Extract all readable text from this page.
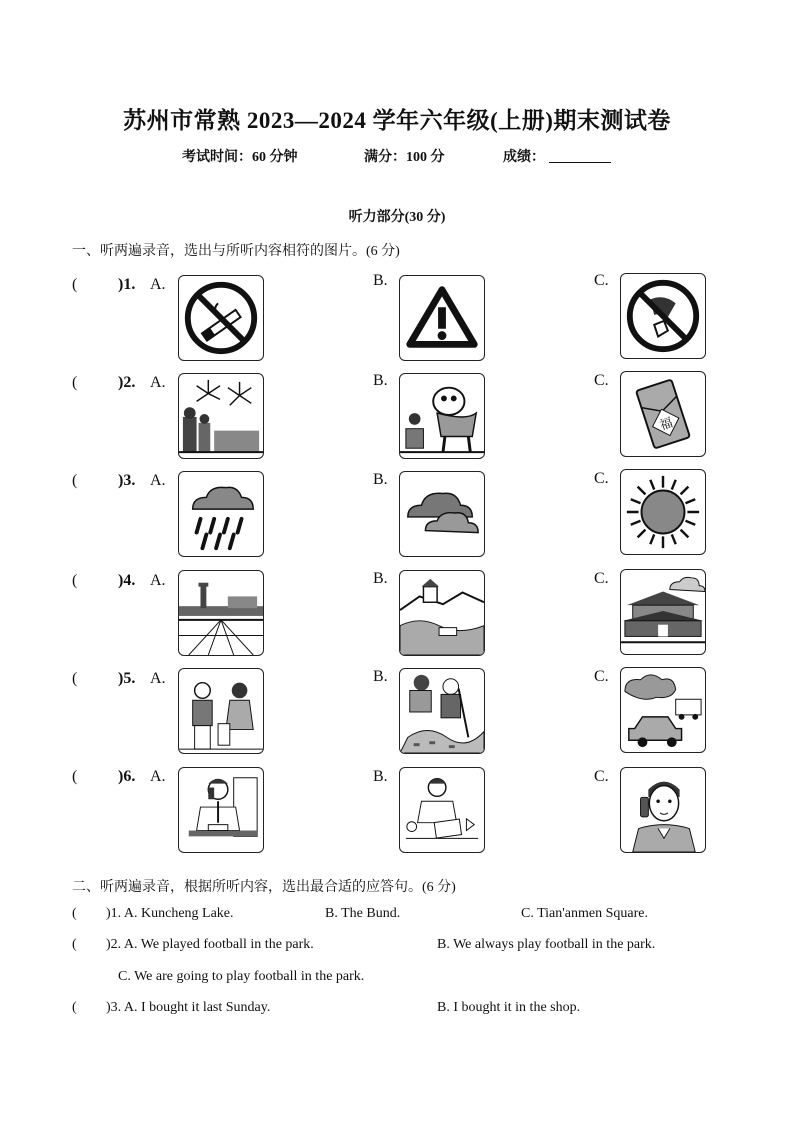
苏州市常熟 2023—2024 学年六年级(上册)期末测试卷
考试时间：60 分钟	满分：100 分	成绩：
听力部分(30 分)
一、听两遍录音，选出与所听内容相符的图片。(6 分)
(	)1. A.	B.	C.
(	)2. A.	B.	C.
福
(	)3. A.	B.	C.
(	)4. A.	B.	C.
(	)5. A.	B.	C.
(	)6. A.	B.	C.
二、听两遍录音，根据所听内容，选出最合适的应答句。(6 分)
( )1. A. Kuncheng Lake.	B. The Bund.	C. Tian'anmen Square.
( )2. A. We played football in the park.	B. We always play football in the park.
C. We are going to play football in the park.
( )3. A. I bought it last Sunday.	B. I bought it in the shop.
